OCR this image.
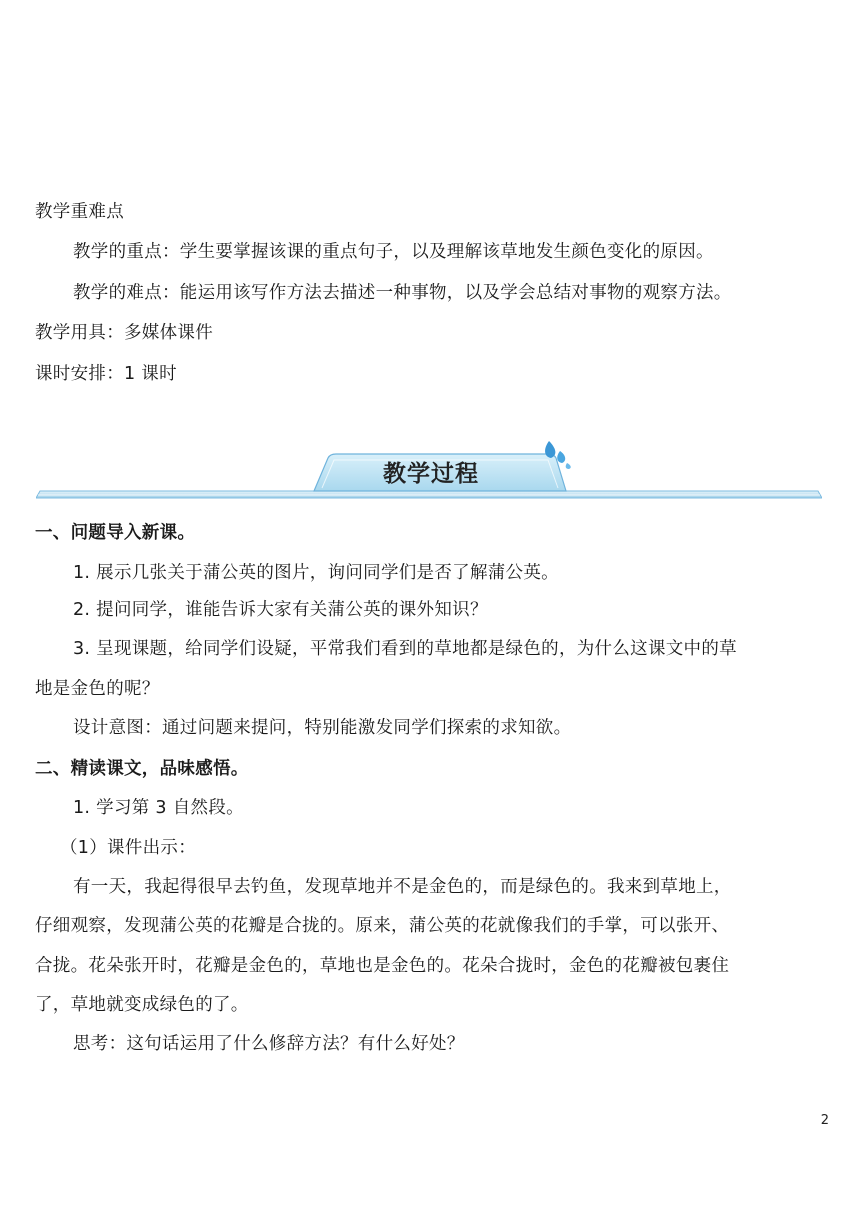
教学重难点
教学的重点：学生要掌握该课的重点句子，以及理解该草地发生颜色变化的原因。
教学的难点：能运用该写作方法去描述一种事物，以及学会总结对事物的观察方法。
教学用具：多媒体课件
课时安排：1 课时
教学过程
一、问题导入新课。
1. 展示几张关于蒲公英的图片，询问同学们是否了解蒲公英。
2. 提问同学，谁能告诉大家有关蒲公英的课外知识？
3. 呈现课题，给同学们设疑，平常我们看到的草地都是绿色的，为什么这课文中的草
地是金色的呢？
设计意图：通过问题来提问，特别能激发同学们探索的求知欲。
二、精读课文，品味感悟。
1. 学习第 3 自然段。
（1）课件出示：
有一天，我起得很早去钓鱼，发现草地并不是金色的，而是绿色的。我来到草地上，
仔细观察，发现蒲公英的花瓣是合拢的。原来，蒲公英的花就像我们的手掌，可以张开、
合拢。花朵张开时，花瓣是金色的，草地也是金色的。花朵合拢时，金色的花瓣被包裹住
了，草地就变成绿色的了。
思考：这句话运用了什么修辞方法？有什么好处？
2
